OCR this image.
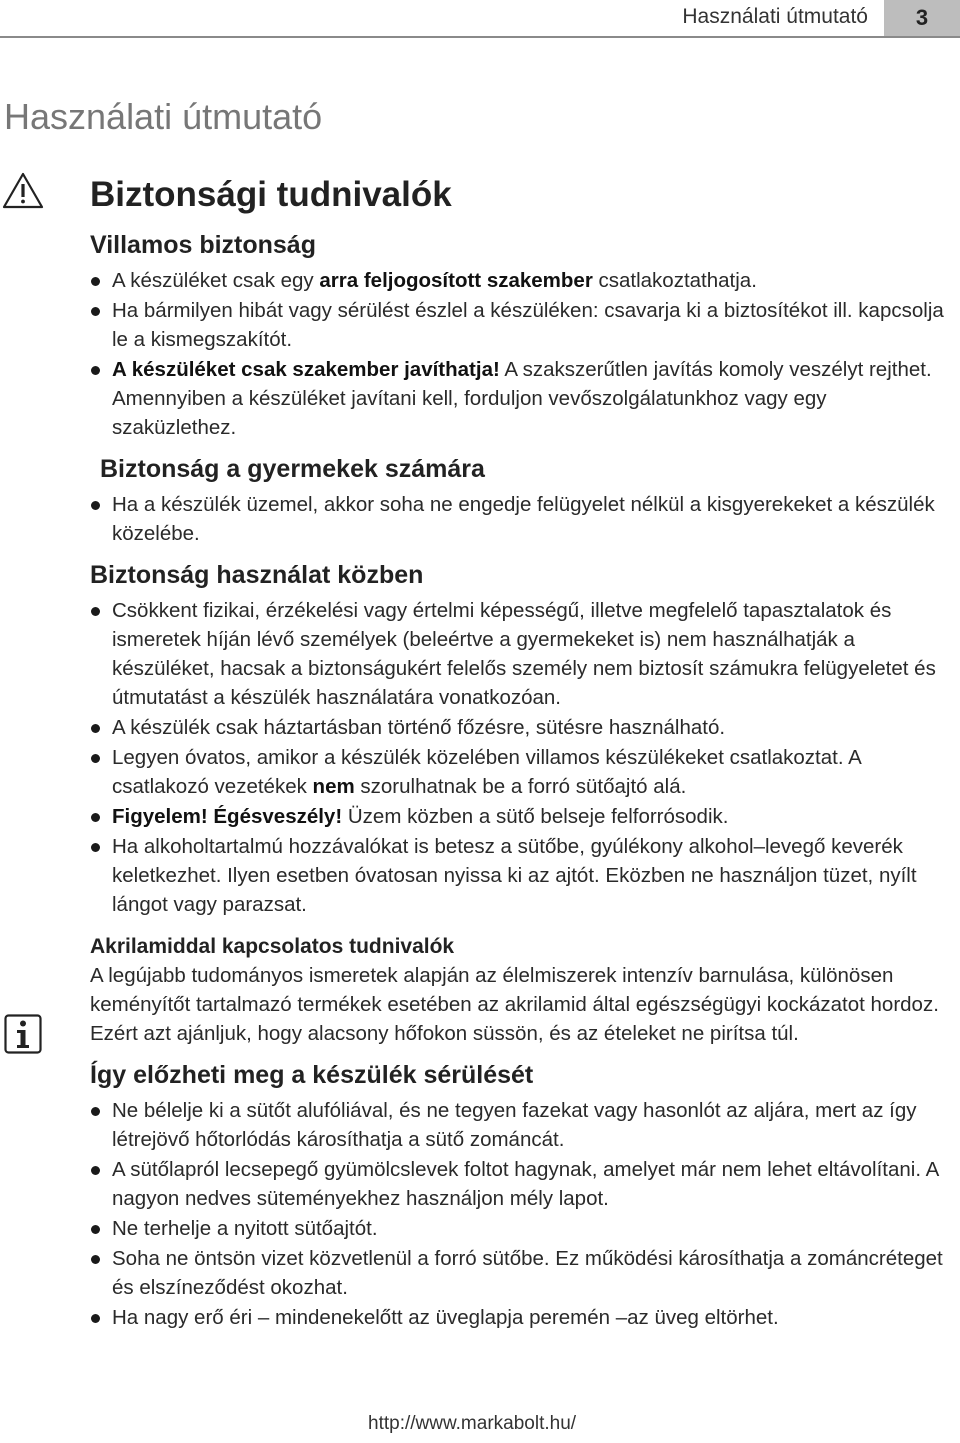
Használati útmutató	3
Használati útmutató
Biztonsági tudnivalók
Villamos biztonság
A készüléket csak egy arra feljogosított szakember csatlakoztathatja.
Ha bármilyen hibát vagy sérülést észlel a készüléken: csavarja ki a biztosítékot ill. kapcsolja le a kismegszakítót.
A készüléket csak szakember javíthatja! A szakszerűtlen javítás komoly veszélyt rejthet. Amennyiben a készüléket javítani kell, forduljon vevőszolgálatunkhoz vagy egy szaküzlethez.
Biztonság a gyermekek számára
Ha a készülék üzemel, akkor soha ne engedje felügyelet nélkül a kisgyerekeket a készülék közelébe.
Biztonság használat közben
Csökkent fizikai, érzékelési vagy értelmi képességű, illetve megfelelő tapasztalatok és ismeretek híján lévő személyek (beleértve a gyermekeket is) nem használhatják a készüléket, hacsak a biztonságukért felelős személy nem biztosít számukra felügyeletet és útmutatást a készülék használatára vonatkozóan.
A készülék csak háztartásban történő főzésre, sütésre használható.
Legyen óvatos, amikor a készülék közelében villamos készülékeket csatlakoztat. A csatlakozó vezetékek nem szorulhatnak be a forró sütőajtó alá.
Figyelem! Égésveszély! Üzem közben a sütő belseje felforrósodik.
Ha alkoholtartalmú hozzávalókat is betesz a sütőbe, gyúlékony alkohol–levegő keverék keletkezhet. Ilyen esetben óvatosan nyissa ki az ajtót. Eközben ne használjon tüzet, nyílt lángot vagy parazsat.
Akrilamiddal kapcsolatos tudnivalók

A legújabb tudományos ismeretek alapján az élelmiszerek intenzív barnulása, különösen keményítőt tartalmazó termékek esetében az akrilamid által egészségügyi kockázatot hordoz. Ezért azt ajánljuk, hogy alacsony hőfokon süssön, és az ételeket ne pirítsa túl.

Így előzheti meg a készülék sérülését
Ne bélelje ki a sütőt alufóliával, és ne tegyen fazekat vagy hasonlót az aljára, mert az így létrejövő hőtorlódás károsíthatja a sütő zománcát.
A sütőlapról lecsepegő gyümölcslevek foltot hagynak, amelyet már nem lehet eltávolítani. A nagyon nedves süteményekhez használjon mély lapot.
Ne terhelje a nyitott sütőajtót.
Soha ne öntsön vizet közvetlenül a forró sütőbe. Ez működési károsíthatja a zománcréteget és elszíneződést okozhat.
Ha nagy erő éri – mindenekelőtt az üveglapja peremén –az üveg eltörhet.
http://www.markabolt.hu/
